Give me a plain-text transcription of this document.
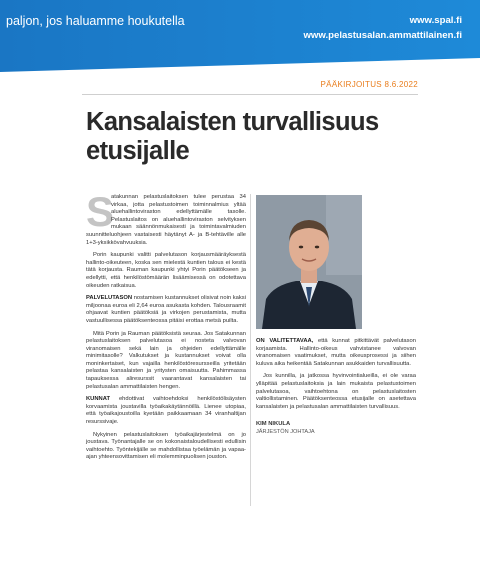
paljon, jos haluamme houkutella	www.spal.fi
www.pelastusalan.ammattilainen.fi
PÄÄKIRJOITUS 8.6.2022
Kansalaisten turvallisuus etusijalle

S
atakunnan pelastuslaitoksen tulee perustaa 34 virkaa, jotta pelastustoimen toiminnalmius yltää aluehallintoviraston edellyttämälle tasolle. Pelastuslaitos on aluehallintoviraston selvityksen mukaan säännönmukaisesti ja toimintavalmiuden suunnitteluohjeen vastaisesti häytänyt A- ja B-tehtäville alle 1+3-yksikkövahvuuksia.

Porin kaupunki valitti palvelutason korjausmääräyksestä hallinto-oikeuteen, koska sen mielestä kuntien talous ei kestä tätä korjausta. Rauman kaupunki yhtyi Porin päätökseen ja edellytti, että henkilöstömäärän lisäämisessä on odotettava oikeuden ratkaisua.

PALVELUTASON nostamisen kustannukset olisivat noin kaksi miljoonaa euroa eli 2,64 euroa asukasta kohden. Talousraamit ohjaavat kuntien päätöksiä ja virkojen perustamista, mutta vastuullisessa päätöksenteossa pitäisi erottaa metsä puilta.

Mitä Porin ja Rauman päätöksistä seuraa. Jos Satakunnan pelastuslaitoksen palvelutasoa ei nosteta valvovan viranomaisen sekä lain ja ohjeiden edellyttämälle minimitasolle? Valkutukset ja kustannukset voivat olla moninkertaiset, kun vajailla henkilöstöresursseilla yritetään pelastaa kansalaisten ja yritysten omaisuutta. Pahimmassa tapauksessa aliresurssit vaarantavat kansalaisten tai pelastusalan ammattilaisten hengen.

KUNNAT ehdottivat vaihtoehdoksi henkilöstölisäysten korvaamista joustavilla työaikakäytännöillä. Lienee utopiaa, että työaikajoustoilla kyetään paikkaamaan 34 viranhaltijan resurssivaje.

Nykyinen pelastuslaitoksen työaikajärjestelmä on jo joustava. Työnantajalle se on kokonaistaloudellisesti edullisin vaihtoehto. Työntekijälle se mahdollistaa työelämän ja vapaa-ajan yhteensovittamisen eli molemminpuolisen jouston.

ON VALITETTAVAA, että kunnat pitkittävät palvelutason korjaamista. Hallinto-oikeus vahvistanee valvovan viranomaisen vaatimukset, mutta oikeusprosessi ja siihen kuluva aika heikentää Satakunnan asukkaiden turvallisuutta.

Jos kunnilla, ja jatkossa hyvinvointialueilla, ei ole varaa ylläpitää pelastuslaitoksia ja lain mukaista pelastustoimen palvelutasoa, vaihtoehtona on pelastuslaitosten valtiollistaminen. Päätöksenteossa etusijalle on asetettava kansalaisten ja pelastusalan ammattilaisten turvallisuus.

KIM NIKULA
JÄRJESTÖN JOHTAJA
